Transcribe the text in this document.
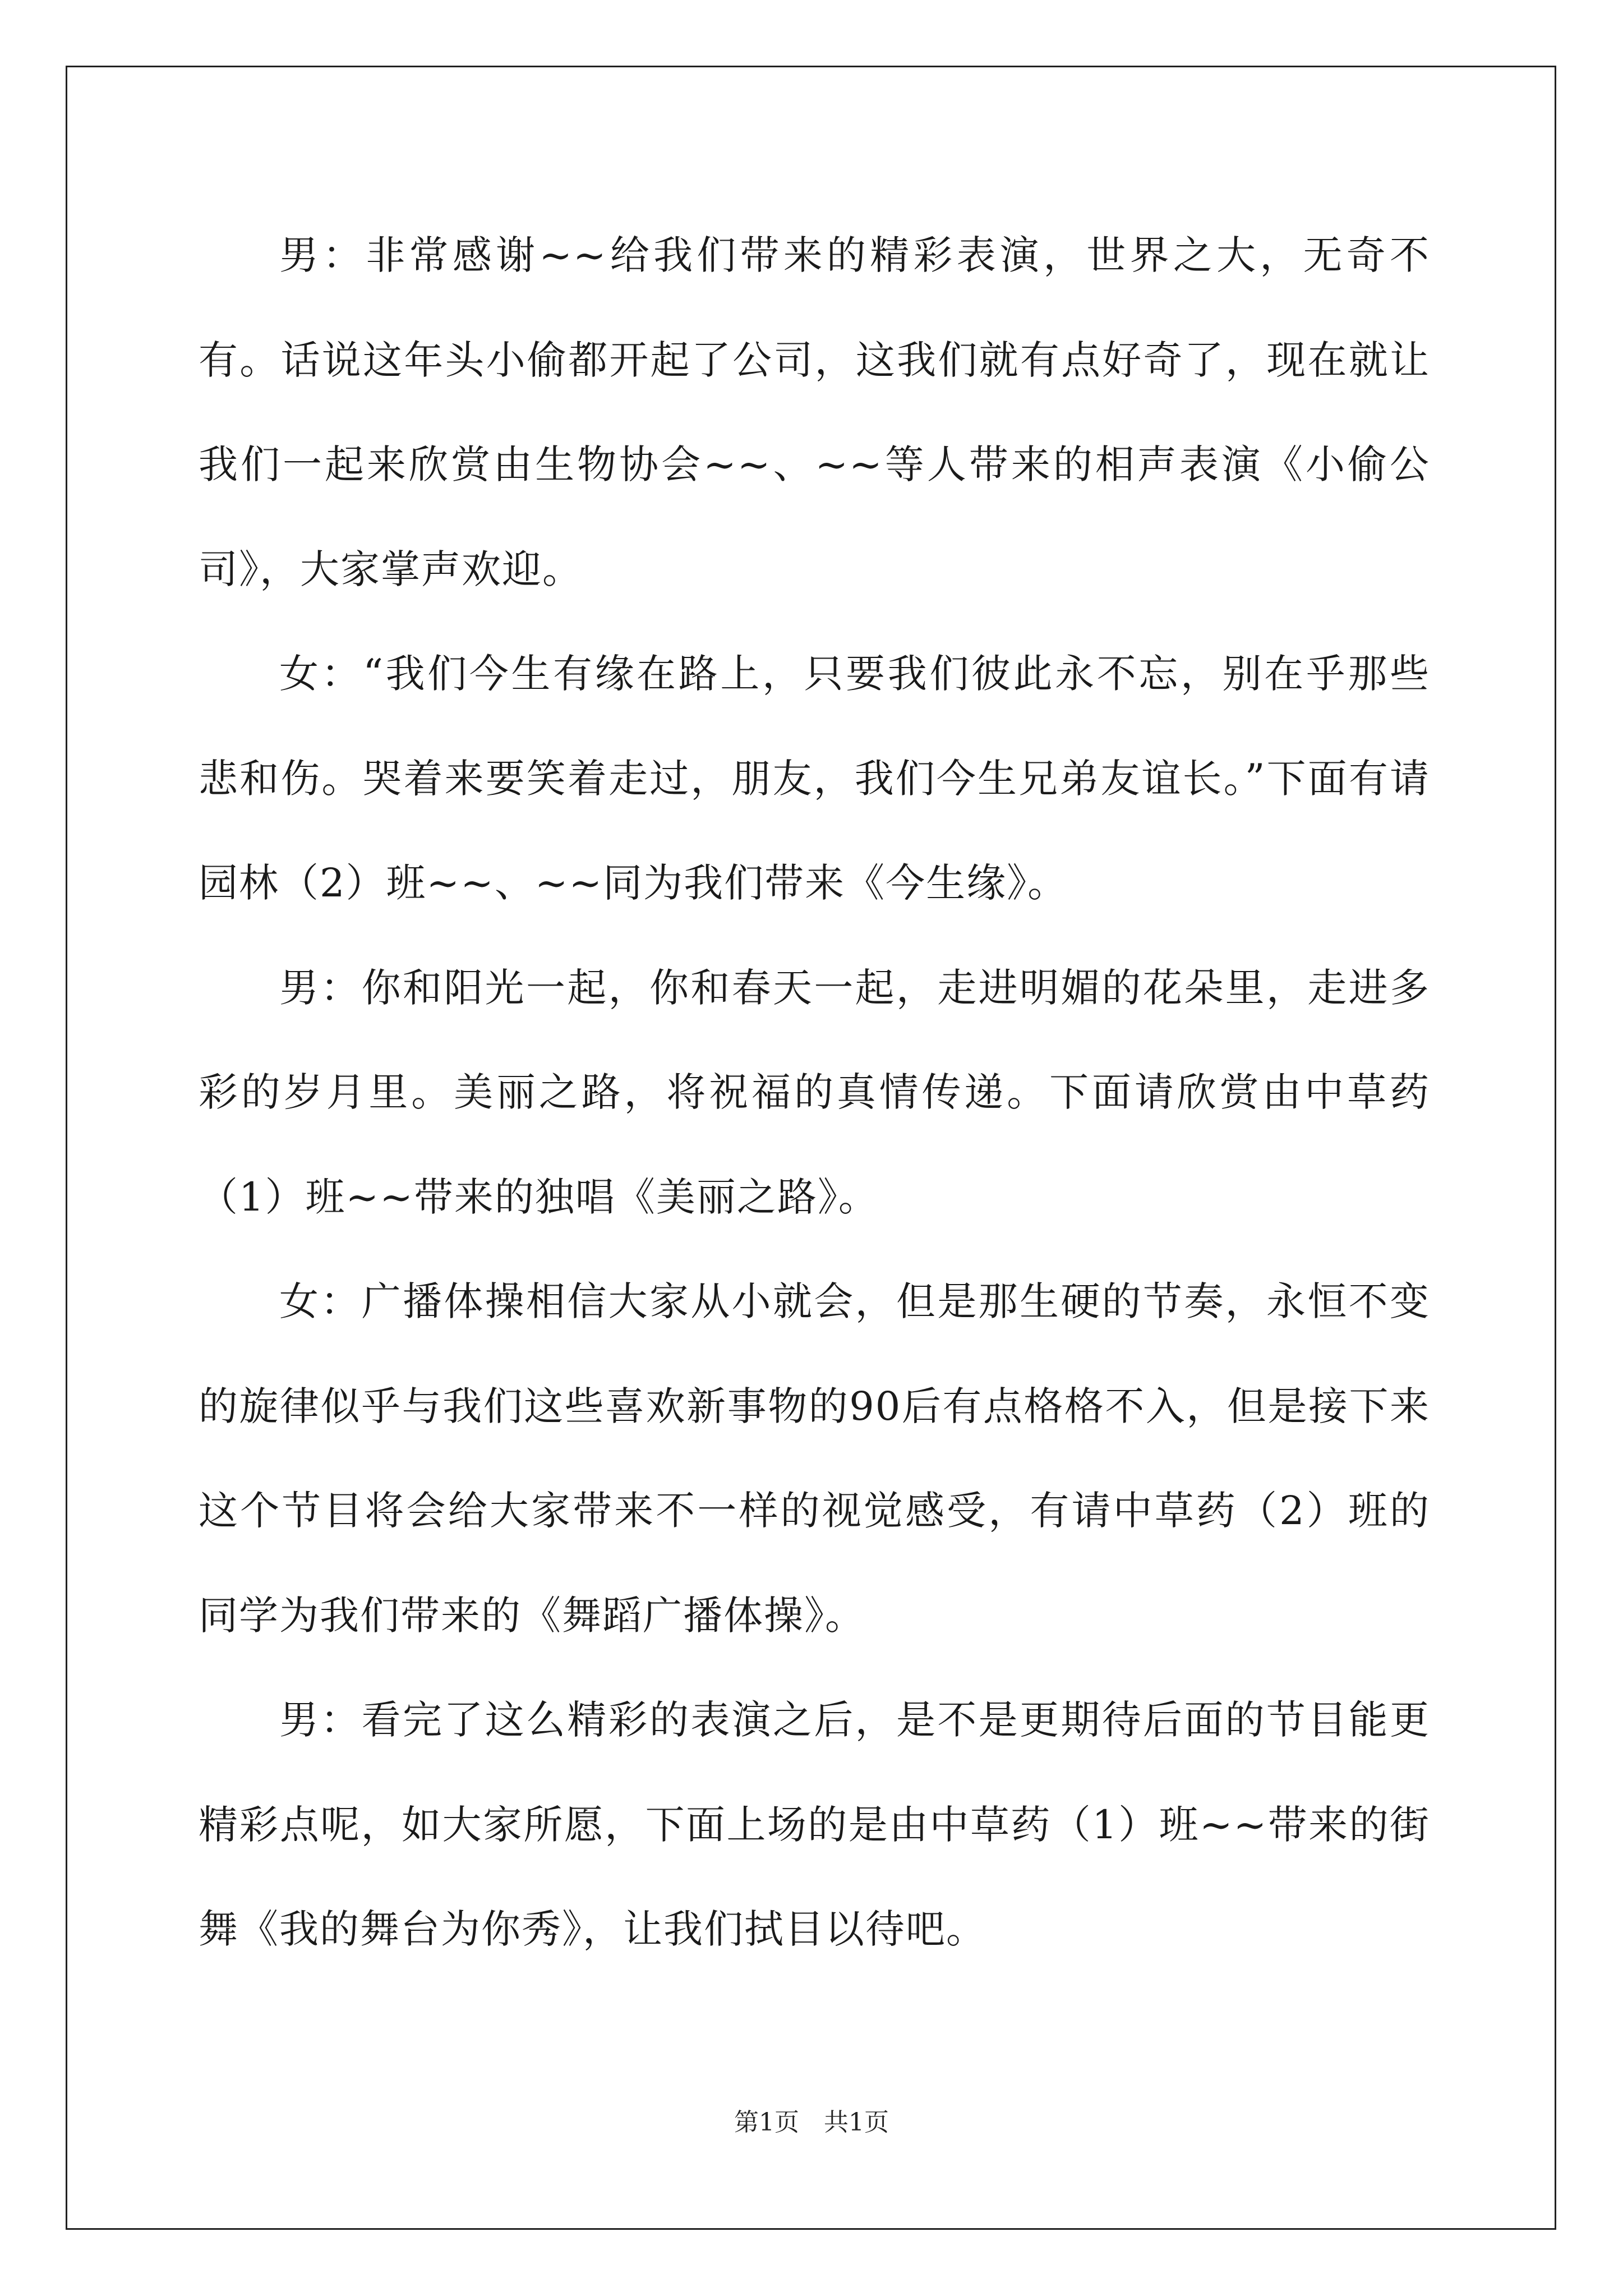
男：非常感谢~~给我们带来的精彩表演，世界之大，无奇不有。话说这年头小偷都开起了公司，这我们就有点好奇了，现在就让我们一起来欣赏由生物协会~~、~~等人带来的相声表演《小偷公司》，大家掌声欢迎。

女：“我们今生有缘在路上，只要我们彼此永不忘，别在乎那些悲和伤。哭着来要笑着走过，朋友，我们今生兄弟友谊长。”下面有请园林（2）班~~、~~同为我们带来《今生缘》。

男：你和阳光一起，你和春天一起，走进明媚的花朵里，走进多彩的岁月里。美丽之路，将祝福的真情传递。下面请欣赏由中草药（1）班~~带来的独唱《美丽之路》。

女：广播体操相信大家从小就会，但是那生硬的节奏，永恒不变的旋律似乎与我们这些喜欢新事物的90后有点格格不入，但是接下来这个节目将会给大家带来不一样的视觉感受，有请中草药（2）班的同学为我们带来的《舞蹈广播体操》。

男：看完了这么精彩的表演之后，是不是更期待后面的节目能更精彩点呢，如大家所愿，下面上场的是由中草药（1）班~~带来的街舞《我的舞台为你秀》，让我们拭目以待吧。

第1页　共1页
